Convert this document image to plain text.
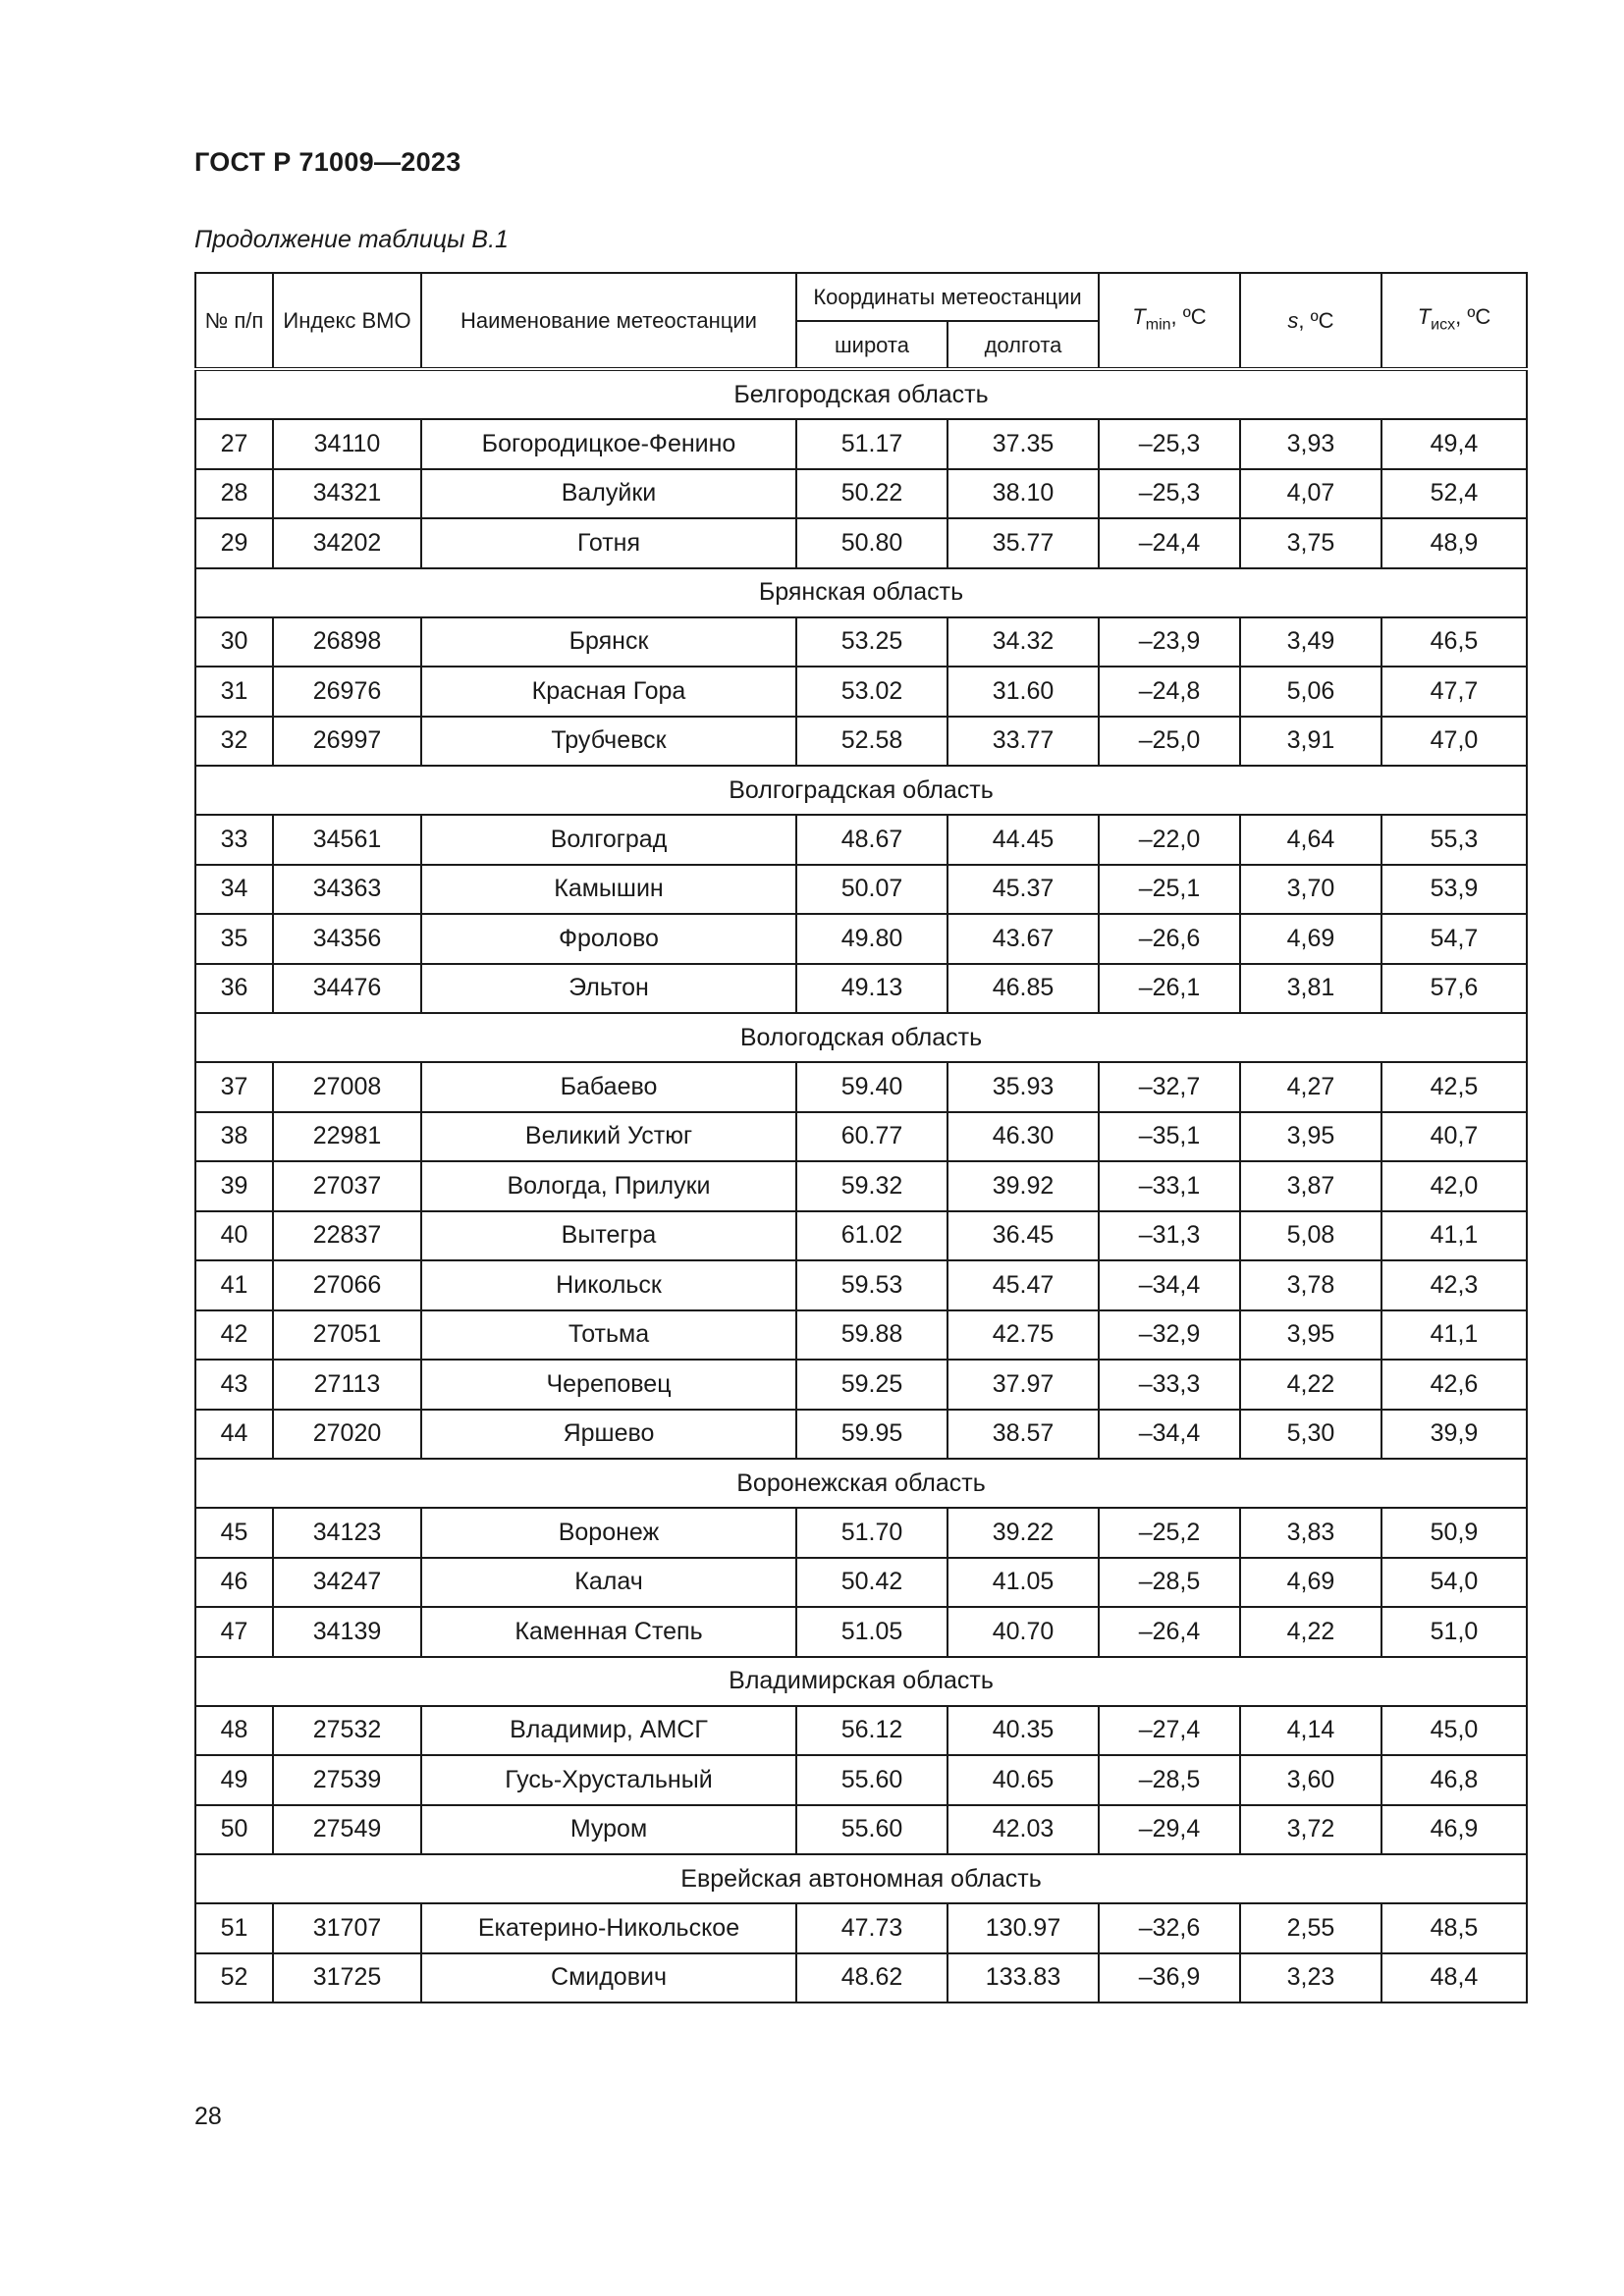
ГОСТ Р 71009—2023
Продолжение таблицы В.1
№ п/п	Индекс ВМО	Наименование метеостанции	Координаты метеостанции		$T_{min}$, ºC	s, ºC	$T_{исх}$, ºC
			широта	долгота			
Белгородская область							
27	34110	Богородицкое-Фенино	51.17	37.35	–25,3	3,93	49,4
28	34321	Валуйки	50.22	38.10	–25,3	4,07	52,4
29	34202	Готня	50.80	35.77	–24,4	3,75	48,9
Брянская область							
30	26898	Брянск	53.25	34.32	–23,9	3,49	46,5
31	26976	Красная Гора	53.02	31.60	–24,8	5,06	47,7
32	26997	Трубчевск	52.58	33.77	–25,0	3,91	47,0
Волгоградская область							
33	34561	Волгоград	48.67	44.45	–22,0	4,64	55,3
34	34363	Камышин	50.07	45.37	–25,1	3,70	53,9
35	34356	Фролово	49.80	43.67	–26,6	4,69	54,7
36	34476	Эльтон	49.13	46.85	–26,1	3,81	57,6
Вологодская область							
37	27008	Бабаево	59.40	35.93	–32,7	4,27	42,5
38	22981	Великий Устюг	60.77	46.30	–35,1	3,95	40,7
39	27037	Вологда, Прилуки	59.32	39.92	–33,1	3,87	42,0
40	22837	Вытегра	61.02	36.45	–31,3	5,08	41,1
41	27066	Никольск	59.53	45.47	–34,4	3,78	42,3
42	27051	Тотьма	59.88	42.75	–32,9	3,95	41,1
43	27113	Череповец	59.25	37.97	–33,3	4,22	42,6
44	27020	Яршево	59.95	38.57	–34,4	5,30	39,9
Воронежская область							
45	34123	Воронеж	51.70	39.22	–25,2	3,83	50,9
46	34247	Калач	50.42	41.05	–28,5	4,69	54,0
47	34139	Каменная Степь	51.05	40.70	–26,4	4,22	51,0
Владимирская область							
48	27532	Владимир, АМСГ	56.12	40.35	–27,4	4,14	45,0
49	27539	Гусь-Хрустальный	55.60	40.65	–28,5	3,60	46,8
50	27549	Муром	55.60	42.03	–29,4	3,72	46,9
Еврейская автономная область							
51	31707	Екатерино-Никольское	47.73	130.97	–32,6	2,55	48,5
52	31725	Смидович	48.62	133.83	–36,9	3,23	48,4
28
